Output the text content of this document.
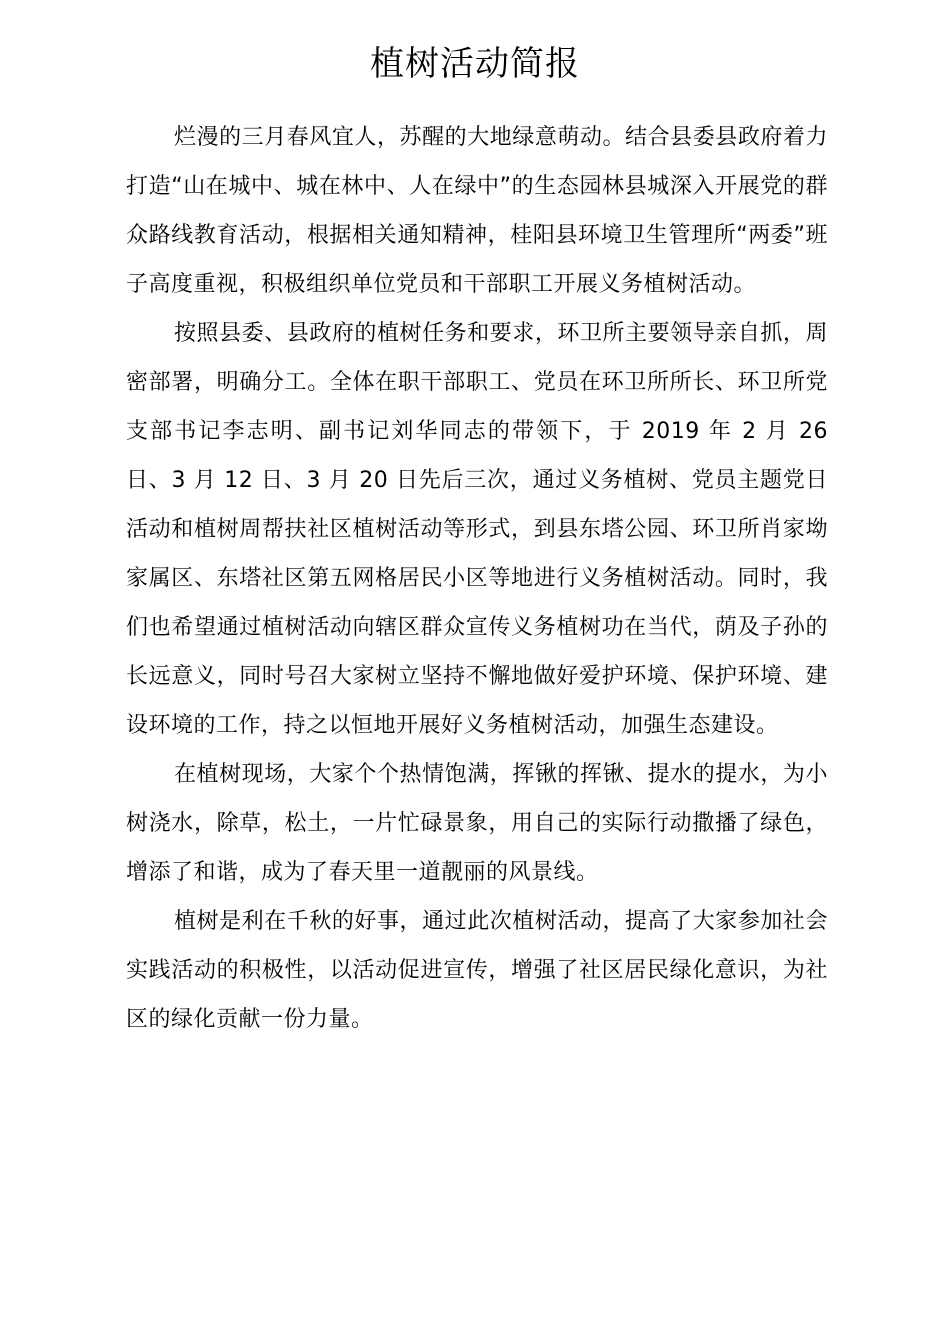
植树活动简报

烂漫的三月春风宜人，苏醒的大地绿意萌动。结合县委县政府着力打造“山在城中、城在林中、人在绿中”的生态园林县城深入开展党的群众路线教育活动，根据相关通知精神，桂阳县环境卫生管理所“两委”班子高度重视，积极组织单位党员和干部职工开展义务植树活动。

按照县委、县政府的植树任务和要求，环卫所主要领导亲自抓，周密部署，明确分工。全体在职干部职工、党员在环卫所所长、环卫所党支部书记李志明、副书记刘华同志的带领下，于 2019 年 2 月 26 日、3 月 12 日、3 月 20 日先后三次，通过义务植树、党员主题党日活动和植树周帮扶社区植树活动等形式，到县东塔公园、环卫所肖家坳家属区、东塔社区第五网格居民小区等地进行义务植树活动。同时，我们也希望通过植树活动向辖区群众宣传义务植树功在当代，荫及子孙的长远意义，同时号召大家树立坚持不懈地做好爱护环境、保护环境、建设环境的工作，持之以恒地开展好义务植树活动，加强生态建设。

在植树现场，大家个个热情饱满，挥锹的挥锹、提水的提水，为小树浇水，除草，松土，一片忙碌景象，用自己的实际行动撒播了绿色，增添了和谐，成为了春天里一道靓丽的风景线。

植树是利在千秋的好事，通过此次植树活动，提高了大家参加社会实践活动的积极性，以活动促进宣传，增强了社区居民绿化意识，为社区的绿化贡献一份力量。
